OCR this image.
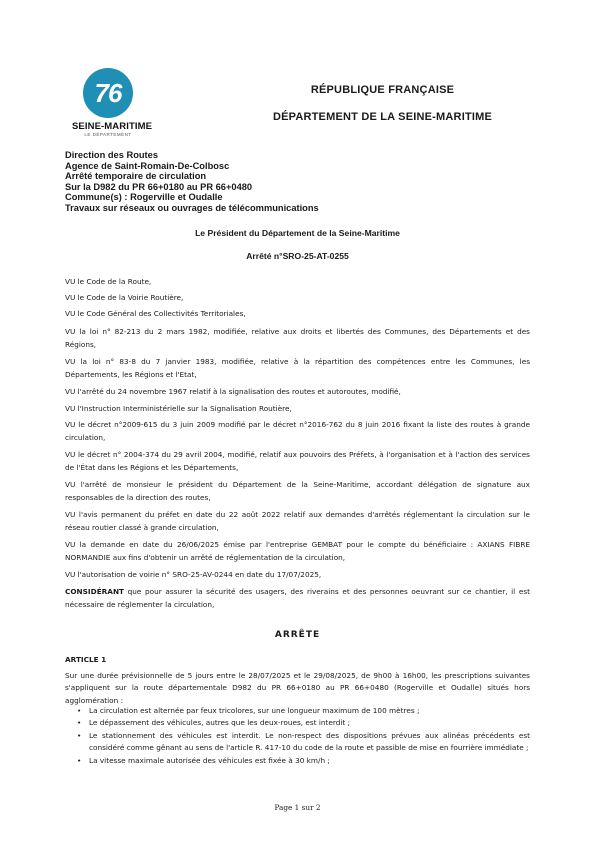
76
SEINE-MARITIME
LE DÉPARTEMENT
RÉPUBLIQUE FRANÇAISE
DÉPARTEMENT DE LA SEINE-MARITIME
Direction des Routes
Agence de Saint-Romain-De-Colbosc
Arrêté temporaire de circulation
Sur la D982 du PR 66+0180 au PR 66+0480
Commune(s) : Rogerville et Oudalle
Travaux sur réseaux ou ouvrages de télécommunications
Le Président du Département de la Seine-Maritime
Arrêté n°SRO-25-AT-0255
VU le Code de la Route,
VU le Code de la Voirie Routière,
VU le Code Général des Collectivités Territoriales,
VU la loi n° 82-213 du 2 mars 1982, modifiée, relative aux droits et libertés des Communes, des Départements et des Régions,
VU la loi n° 83-8 du 7 janvier 1983, modifiée, relative à la répartition des compétences entre les Communes, les Départements, les Régions et l'Etat,
VU l'arrêté du 24 novembre 1967 relatif à la signalisation des routes et autoroutes, modifié,
VU l'Instruction Interministérielle sur la Signalisation Routière,
VU le décret n°2009-615 du 3 juin 2009 modifié par le décret n°2016-762 du 8 juin 2016 fixant la liste des routes à grande circulation,
VU le décret n° 2004-374 du 29 avril 2004, modifié, relatif aux pouvoirs des Préfets, à l'organisation et à l'action des services de l'État dans les Régions et les Départements,
VU l'arrêté de monsieur le président du Département de la Seine-Maritime, accordant délégation de signature aux responsables de la direction des routes,
VU l'avis permanent du préfet en date du 22 août 2022 relatif aux demandes d'arrêtés réglementant la circulation sur le réseau routier classé à grande circulation,
VU la demande en date du 26/06/2025 émise par l'entreprise GEMBAT pour le compte du bénéficiaire : AXIANS FIBRE NORMANDIE aux fins d'obtenir un arrêté de réglementation de la circulation,
VU l'autorisation de voirie n° SRO-25-AV-0244 en date du 17/07/2025,
CONSIDÉRANT que pour assurer la sécurité des usagers, des riverains et des personnes oeuvrant sur ce chantier, il est nécessaire de réglementer la circulation,
ARRÊTE
ARTICLE 1
Sur une durée prévisionnelle de 5 jours entre le 28/07/2025 et le 29/08/2025, de 9h00 à 16h00, les prescriptions suivantes s'appliquent sur la route départementale D982 du PR 66+0180 au PR 66+0480 (Rogerville et Oudalle) situés hors agglomération :
• La circulation est alternée par feux tricolores, sur une longueur maximum de 100 mètres ;
• Le dépassement des véhicules, autres que les deux-roues, est interdit ;
• Le stationnement des véhicules est interdit. Le non-respect des dispositions prévues aux alinéas précédents est considéré comme gênant au sens de l'article R. 417-10 du code de la route et passible de mise en fourrière immédiate ;
• La vitesse maximale autorisée des véhicules est fixée à 30 km/h ;
Page 1 sur 2
